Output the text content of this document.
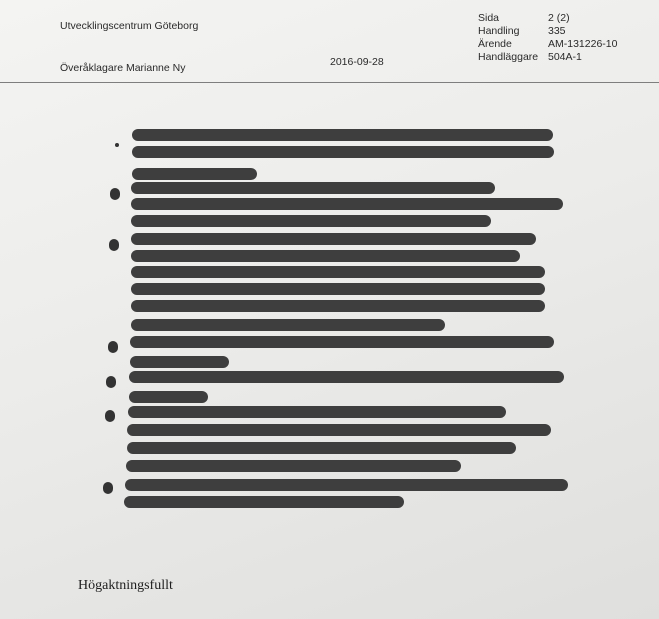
Utvecklingscentrum Göteborg
Överåklagare Marianne Ny	2016-09-28
Sida	2 (2)
Handling	335
Ärende	AM-131226-10
Handläggare 504A-1
Högaktningsfullt
